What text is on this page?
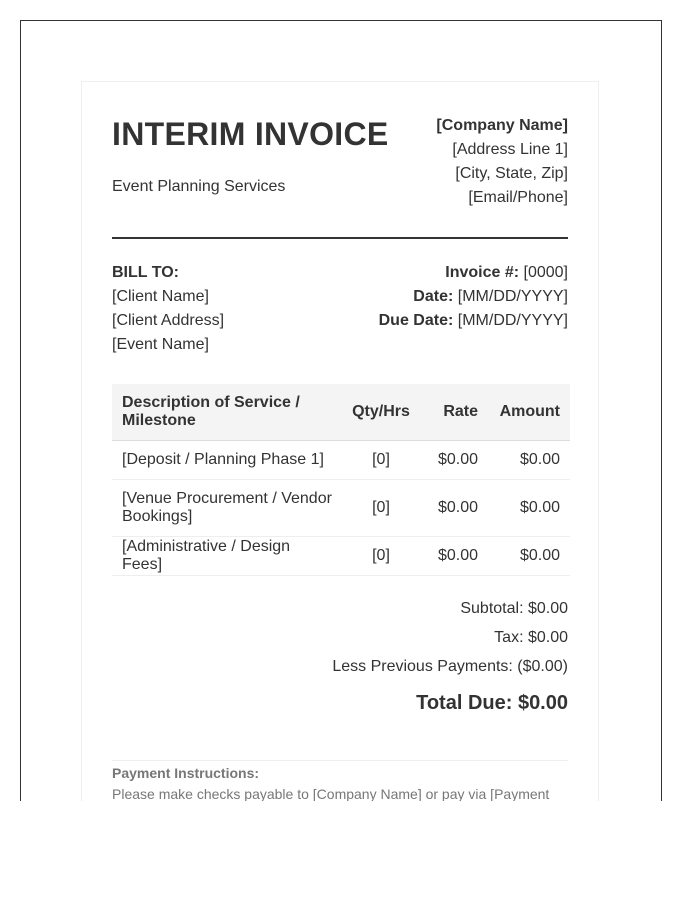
INTERIM INVOICE
Event Planning Services
[Company Name]
[Address Line 1]
[City, State, Zip]
[Email/Phone]
BILL TO:
[Client Name]
[Client Address]
[Event Name]
Invoice #: [0000]
Date: [MM/DD/YYYY]
Due Date: [MM/DD/YYYY]
Description of Service / Milestone	Qty/Hrs	Rate	Amount
[Deposit / Planning Phase 1]	[0]	$0.00	$0.00
[Venue Procurement / Vendor Bookings]	[0]	$0.00	$0.00
[Administrative / Design Fees]	[0]	$0.00	$0.00
Subtotal: $0.00
Tax: $0.00
Less Previous Payments: ($0.00)
Total Due: $0.00
Payment Instructions:
Please make checks payable to [Company Name] or pay via [Payment
